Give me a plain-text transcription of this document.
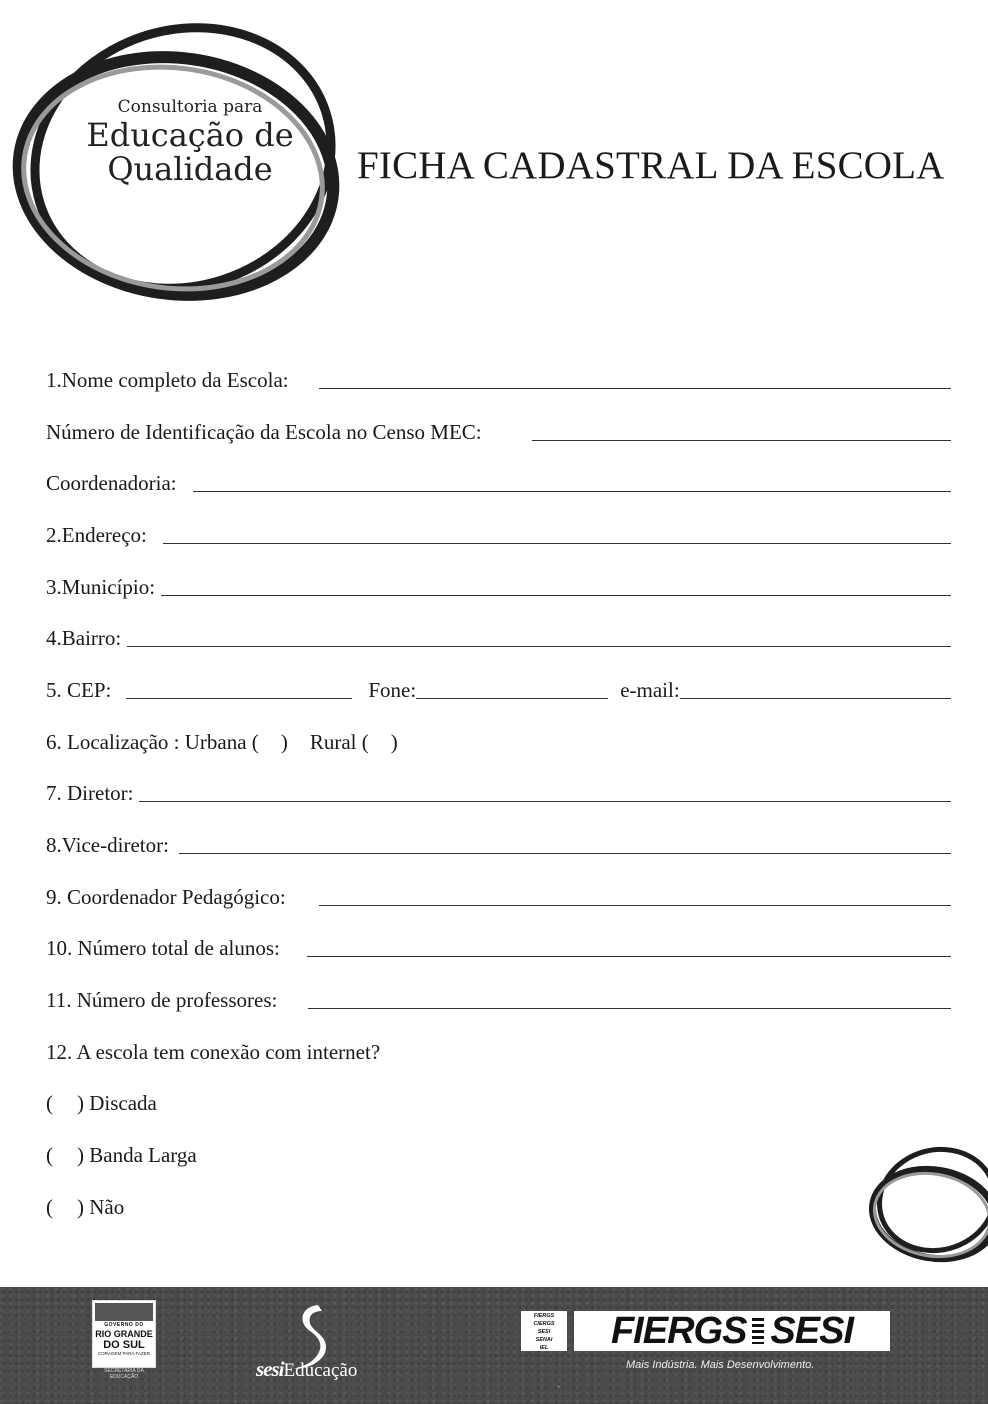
Consultoria para
Educação de
Qualidade	FICHA CADASTRAL DA ESCOLA
1.Nome completo da Escola:
Número de Identificação da Escola no Censo MEC:
Coordenadoria:
2.Endereço:
3.Município:
4.Bairro:
5. CEP:	Fone:	e-mail:
6. Localização : Urbana ( ) Rural ( )
7. Diretor:
8.Vice-diretor:
9. Coordenador Pedagógico:
10. Número total de alunos:
11. Número de professores:
12. A escola tem conexão com internet?
( ) Discada
( ) Banda Larga
( ) Não
GOVERNO DO
RIO GRANDE
DO SUL
CORAGEM PARA FAZER
SECRETARIA DA EDUCAÇÃO	sesiEducação
FIERGS
CIERGS
SESI
SENAI
IEL	FIERGS SESI
Mais Indústria. Mais Desenvolvimento.
-
